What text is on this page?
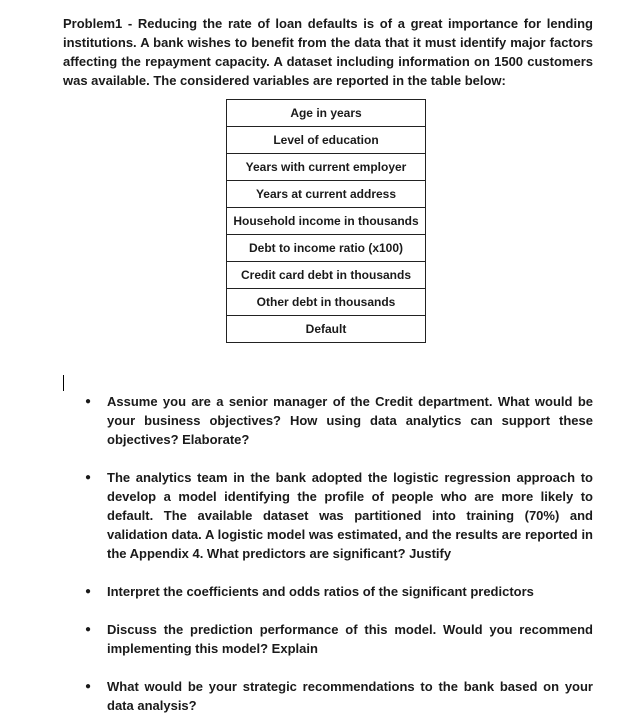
Problem1 - Reducing the rate of loan defaults is of a great importance for lending institutions. A bank wishes to benefit from the data that it must identify major factors affecting the repayment capacity. A dataset including information on 1500 customers was available. The considered variables are reported in the table below:
Age in years
Level of education
Years with current employer
Years at current address
Household income in thousands
Debt to income ratio (x100)
Credit card debt in thousands
Other debt in thousands
Default
● Assume you are a senior manager of the Credit department. What would be your business objectives? How using data analytics can support these objectives? Elaborate?
● The analytics team in the bank adopted the logistic regression approach to develop a model identifying the profile of people who are more likely to default. The available dataset was partitioned into training (70%) and validation data. A logistic model was estimated, and the results are reported in the Appendix 4. What predictors are significant? Justify
● Interpret the coefficients and odds ratios of the significant predictors
● Discuss the prediction performance of this model. Would you recommend implementing this model? Explain
● What would be your strategic recommendations to the bank based on your data analysis?
